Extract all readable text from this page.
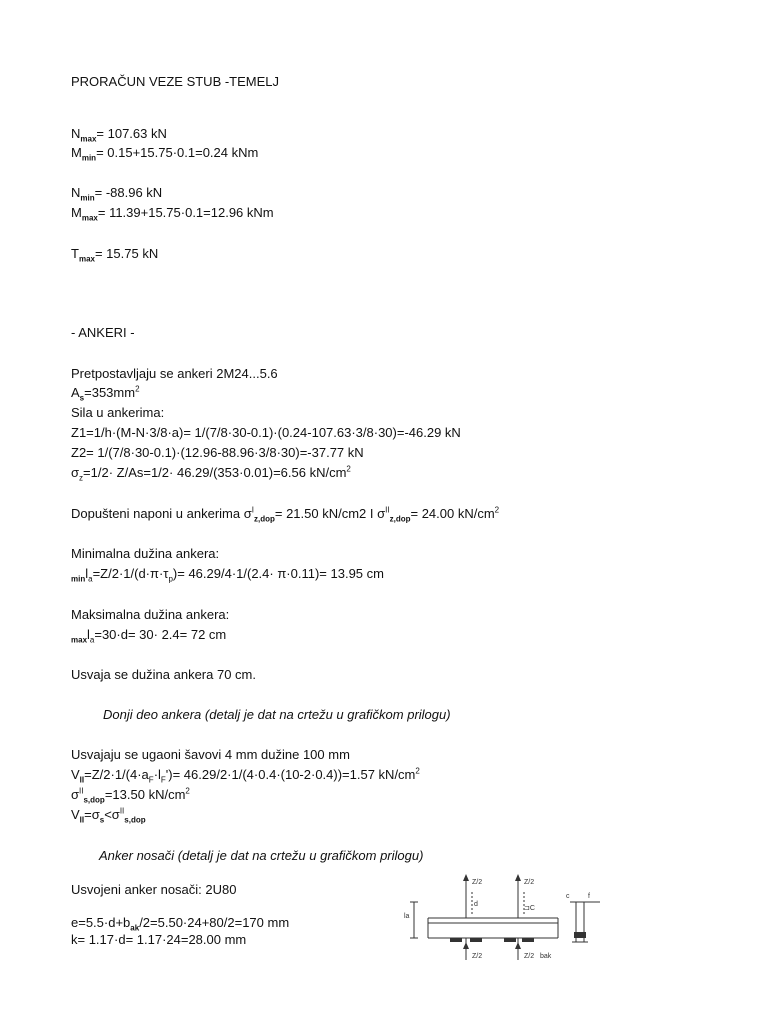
PRORAČUN VEZE STUB -TEMELJ
$N_{max}= 107.63$ kN
$M_{min}= 0.15+15.75\cdot 0.1=0.24$ kNm
$N_{min}= -88.96$ kN
$M_{max}= 11.39+15.75\cdot 0.1=12.96$ kNm
$T_{max}= 15.75$ kN
- ANKERI -
Pretpostavljaju se ankeri 2M24...5.6
$A_s=353mm^2$
Sila u ankerima:
Z1=1/h·(M-N·3/8·a)= 1/(7/8·30-0.1)·(0.24-107.63·3/8·30)=-46.29 kN
Z2= 1/(7/8·30-0.1)·(12.96-88.96·3/8·30)=-37.77 kN
$\sigma_z=1/2\cdot Z/As=1/2\cdot 46.29/(353\cdot 0.01)=6.56$ $kN/cm^2$
Dopušteni naponi u ankerima $\sigma^I_{z,dop}= 21.50$ kN/cm2 I $\sigma^{II}_{z,dop}= 24.00$ $kN/cm^2$
Minimalna dužina ankera:
$_{min}l_a=Z/2\cdot 1/(d\cdot\pi\cdot\tau_p)= 46.29/4\cdot 1/(2.4\cdot \pi\cdot 0.11)= 13.95$ cm
Maksimalna dužina ankera:
$_{max}l_a=30\cdot d= 30\cdot 2.4= 72$ cm
Usvaja se dužina ankera 70 cm.
Donji deo ankera (detalj je dat na crtežu u grafičkom prilogu)
Usvajaju se ugaoni šavovi 4 mm dužine 100 mm
$V_{II}=Z/2\cdot 1/(4\cdot a_F\cdot l_F')= 46.29/2\cdot 1/(4\cdot 0.4\cdot(10-2\cdot 0.4))=1.57$ $kN/cm^2$
$\sigma^{II}_{s,dop}=13.50$ $kN/cm^2$
$V_{II}=\sigma_s<\sigma^{II}_{s,dop}$
Anker nosači (detalj je dat na crtežu u grafičkom prilogu)
Usvojeni anker nosači: 2U80
$e=5.5\cdot d+b_{ak}/2=5.50\cdot 24+80/2=170$ mm
k= 1.17·d= 1.17·24=28.00 mm
Z/2	Z/2
Z/2	Z/2
d
⊐C
la
c	f
bak
